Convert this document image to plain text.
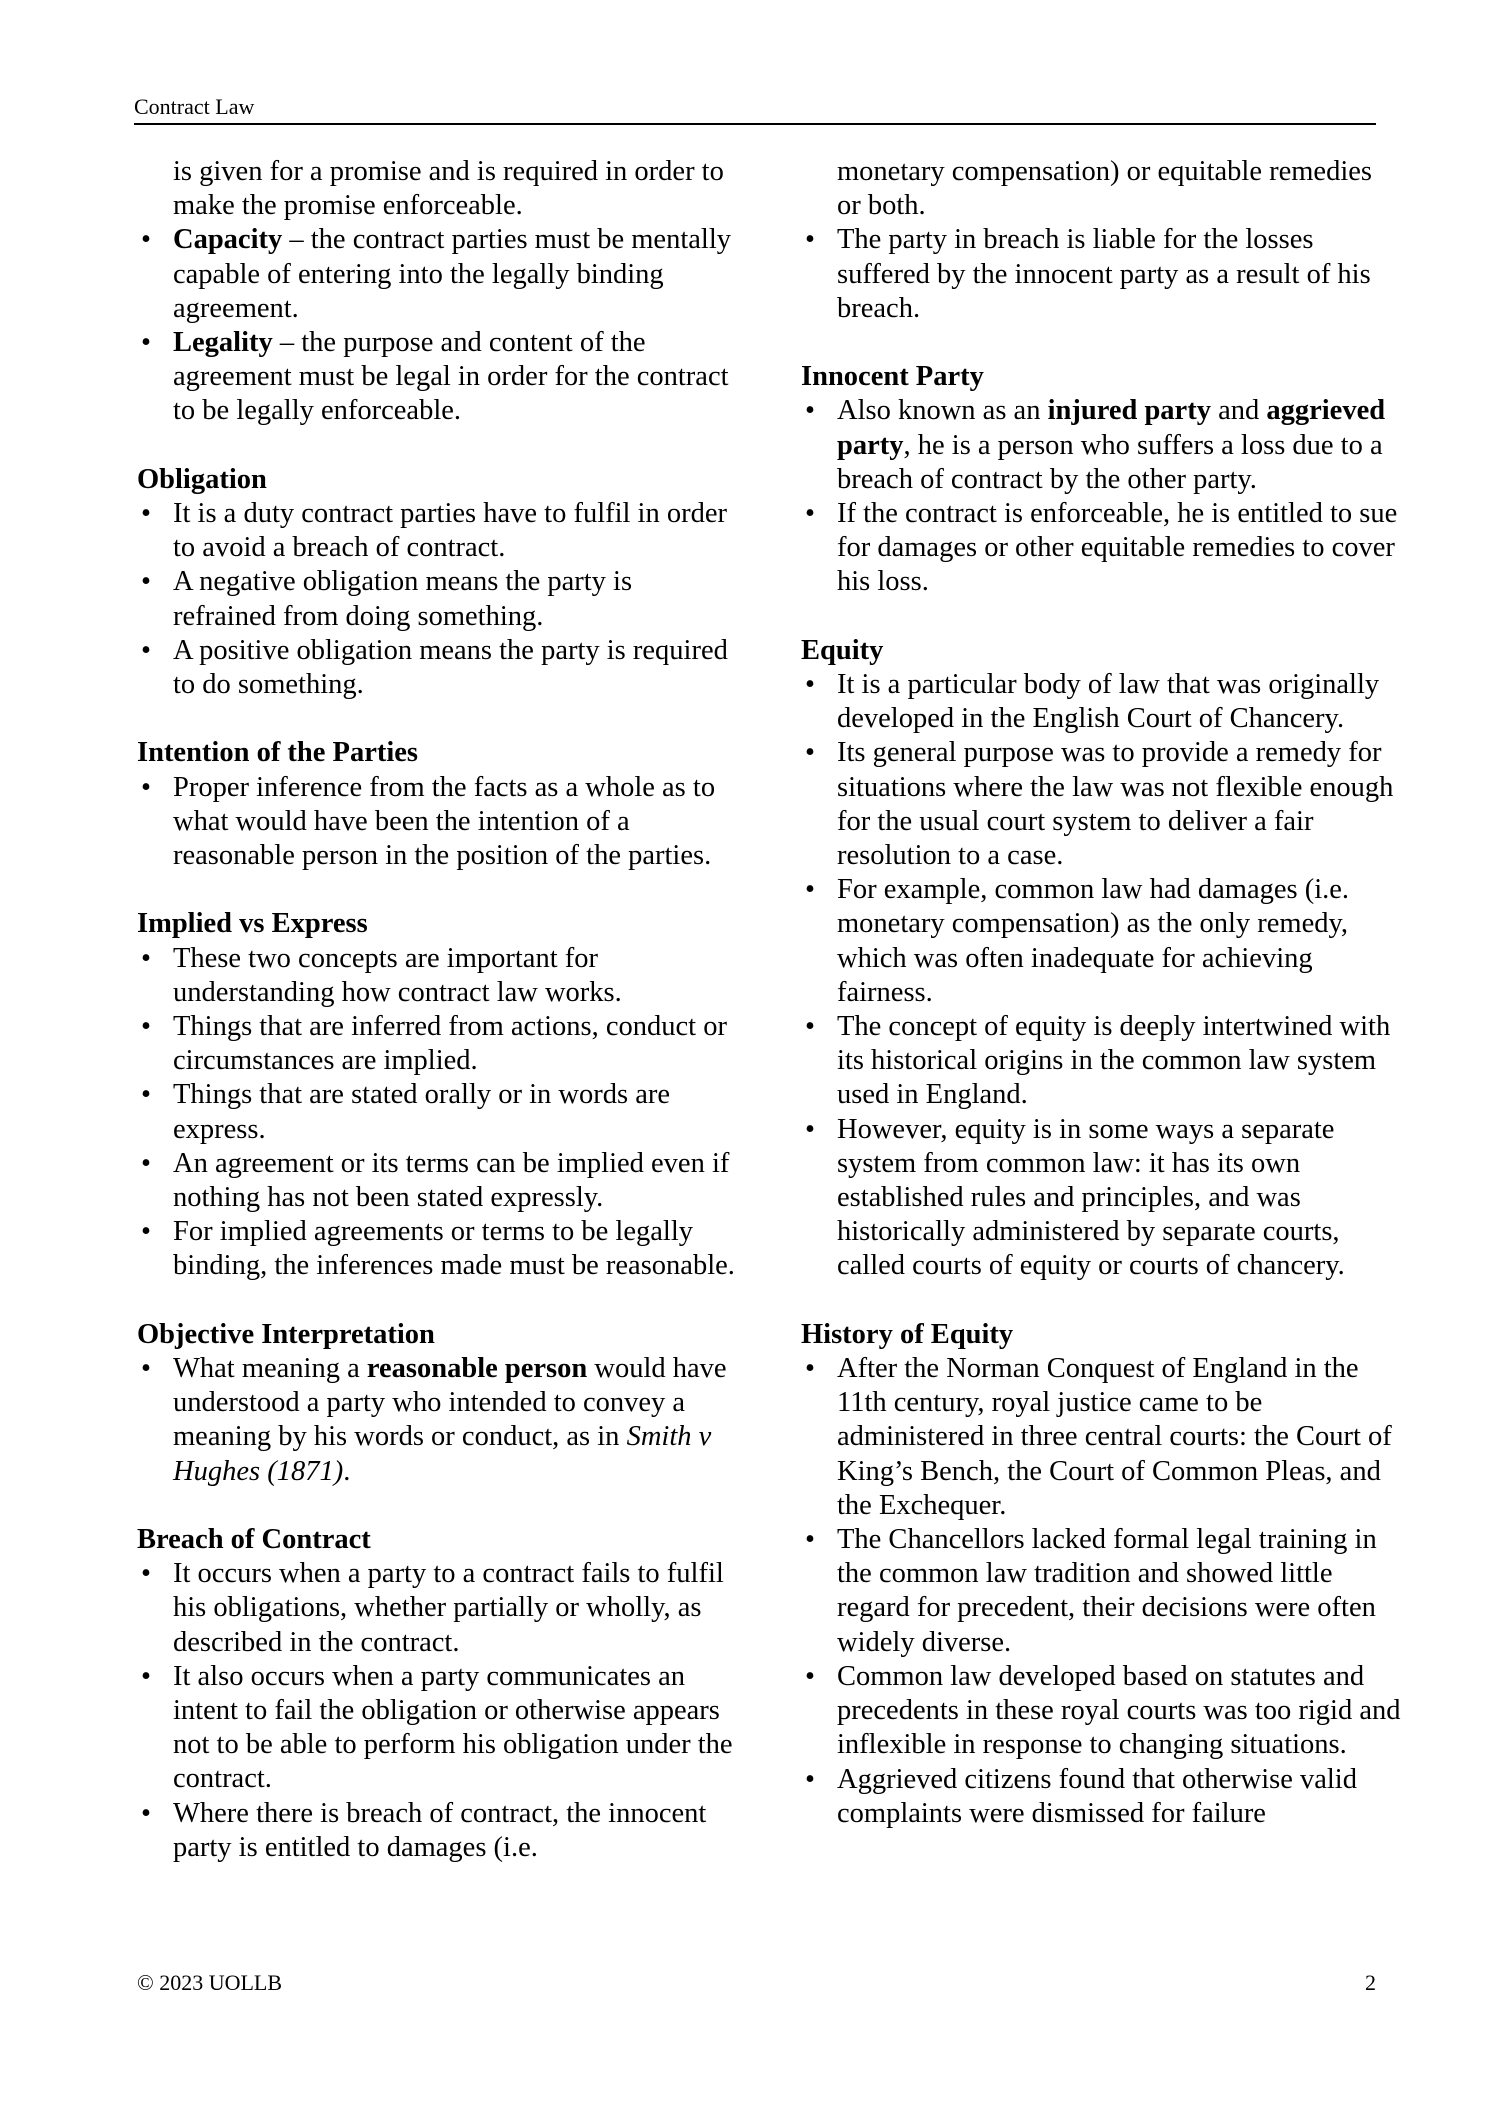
Contract Law
is given for a promise and is required in order to make the promise enforceable.
• Capacity – the contract parties must be mentally capable of entering into the legally binding agreement.
• Legality – the purpose and content of the agreement must be legal in order for the contract to be legally enforceable.
Obligation
• It is a duty contract parties have to fulfil in order to avoid a breach of contract.
• A negative obligation means the party is refrained from doing something.
• A positive obligation means the party is required to do something.
Intention of the Parties
• Proper inference from the facts as a whole as to what would have been the intention of a reasonable person in the position of the parties.
Implied vs Express
• These two concepts are important for understanding how contract law works.
• Things that are inferred from actions, conduct or circumstances are implied.
• Things that are stated orally or in words are express.
• An agreement or its terms can be implied even if nothing has not been stated expressly.
• For implied agreements or terms to be legally binding, the inferences made must be reasonable.
Objective Interpretation
• What meaning a reasonable person would have understood a party who intended to convey a meaning by his words or conduct, as in Smith v Hughes (1871).
Breach of Contract
• It occurs when a party to a contract fails to fulfil his obligations, whether partially or wholly, as described in the contract.
• It also occurs when a party communicates an intent to fail the obligation or otherwise appears not to be able to perform his obligation under the contract.
• Where there is breach of contract, the innocent party is entitled to damages (i.e.
monetary compensation) or equitable remedies or both.
• The party in breach is liable for the losses suffered by the innocent party as a result of his breach.
Innocent Party
• Also known as an injured party and aggrieved party, he is a person who suffers a loss due to a breach of contract by the other party.
• If the contract is enforceable, he is entitled to sue for damages or other equitable remedies to cover his loss.
Equity
• It is a particular body of law that was originally developed in the English Court of Chancery.
• Its general purpose was to provide a remedy for situations where the law was not flexible enough for the usual court system to deliver a fair resolution to a case.
• For example, common law had damages (i.e. monetary compensation) as the only remedy, which was often inadequate for achieving fairness.
• The concept of equity is deeply intertwined with its historical origins in the common law system used in England.
• However, equity is in some ways a separate system from common law: it has its own established rules and principles, and was historically administered by separate courts, called courts of equity or courts of chancery.
History of Equity
• After the Norman Conquest of England in the 11th century, royal justice came to be administered in three central courts: the Court of King’s Bench, the Court of Common Pleas, and the Exchequer.
• The Chancellors lacked formal legal training in the common law tradition and showed little regard for precedent, their decisions were often widely diverse.
• Common law developed based on statutes and precedents in these royal courts was too rigid and inflexible in response to changing situations.
• Aggrieved citizens found that otherwise valid complaints were dismissed for failure
© 2023 UOLLB	2
